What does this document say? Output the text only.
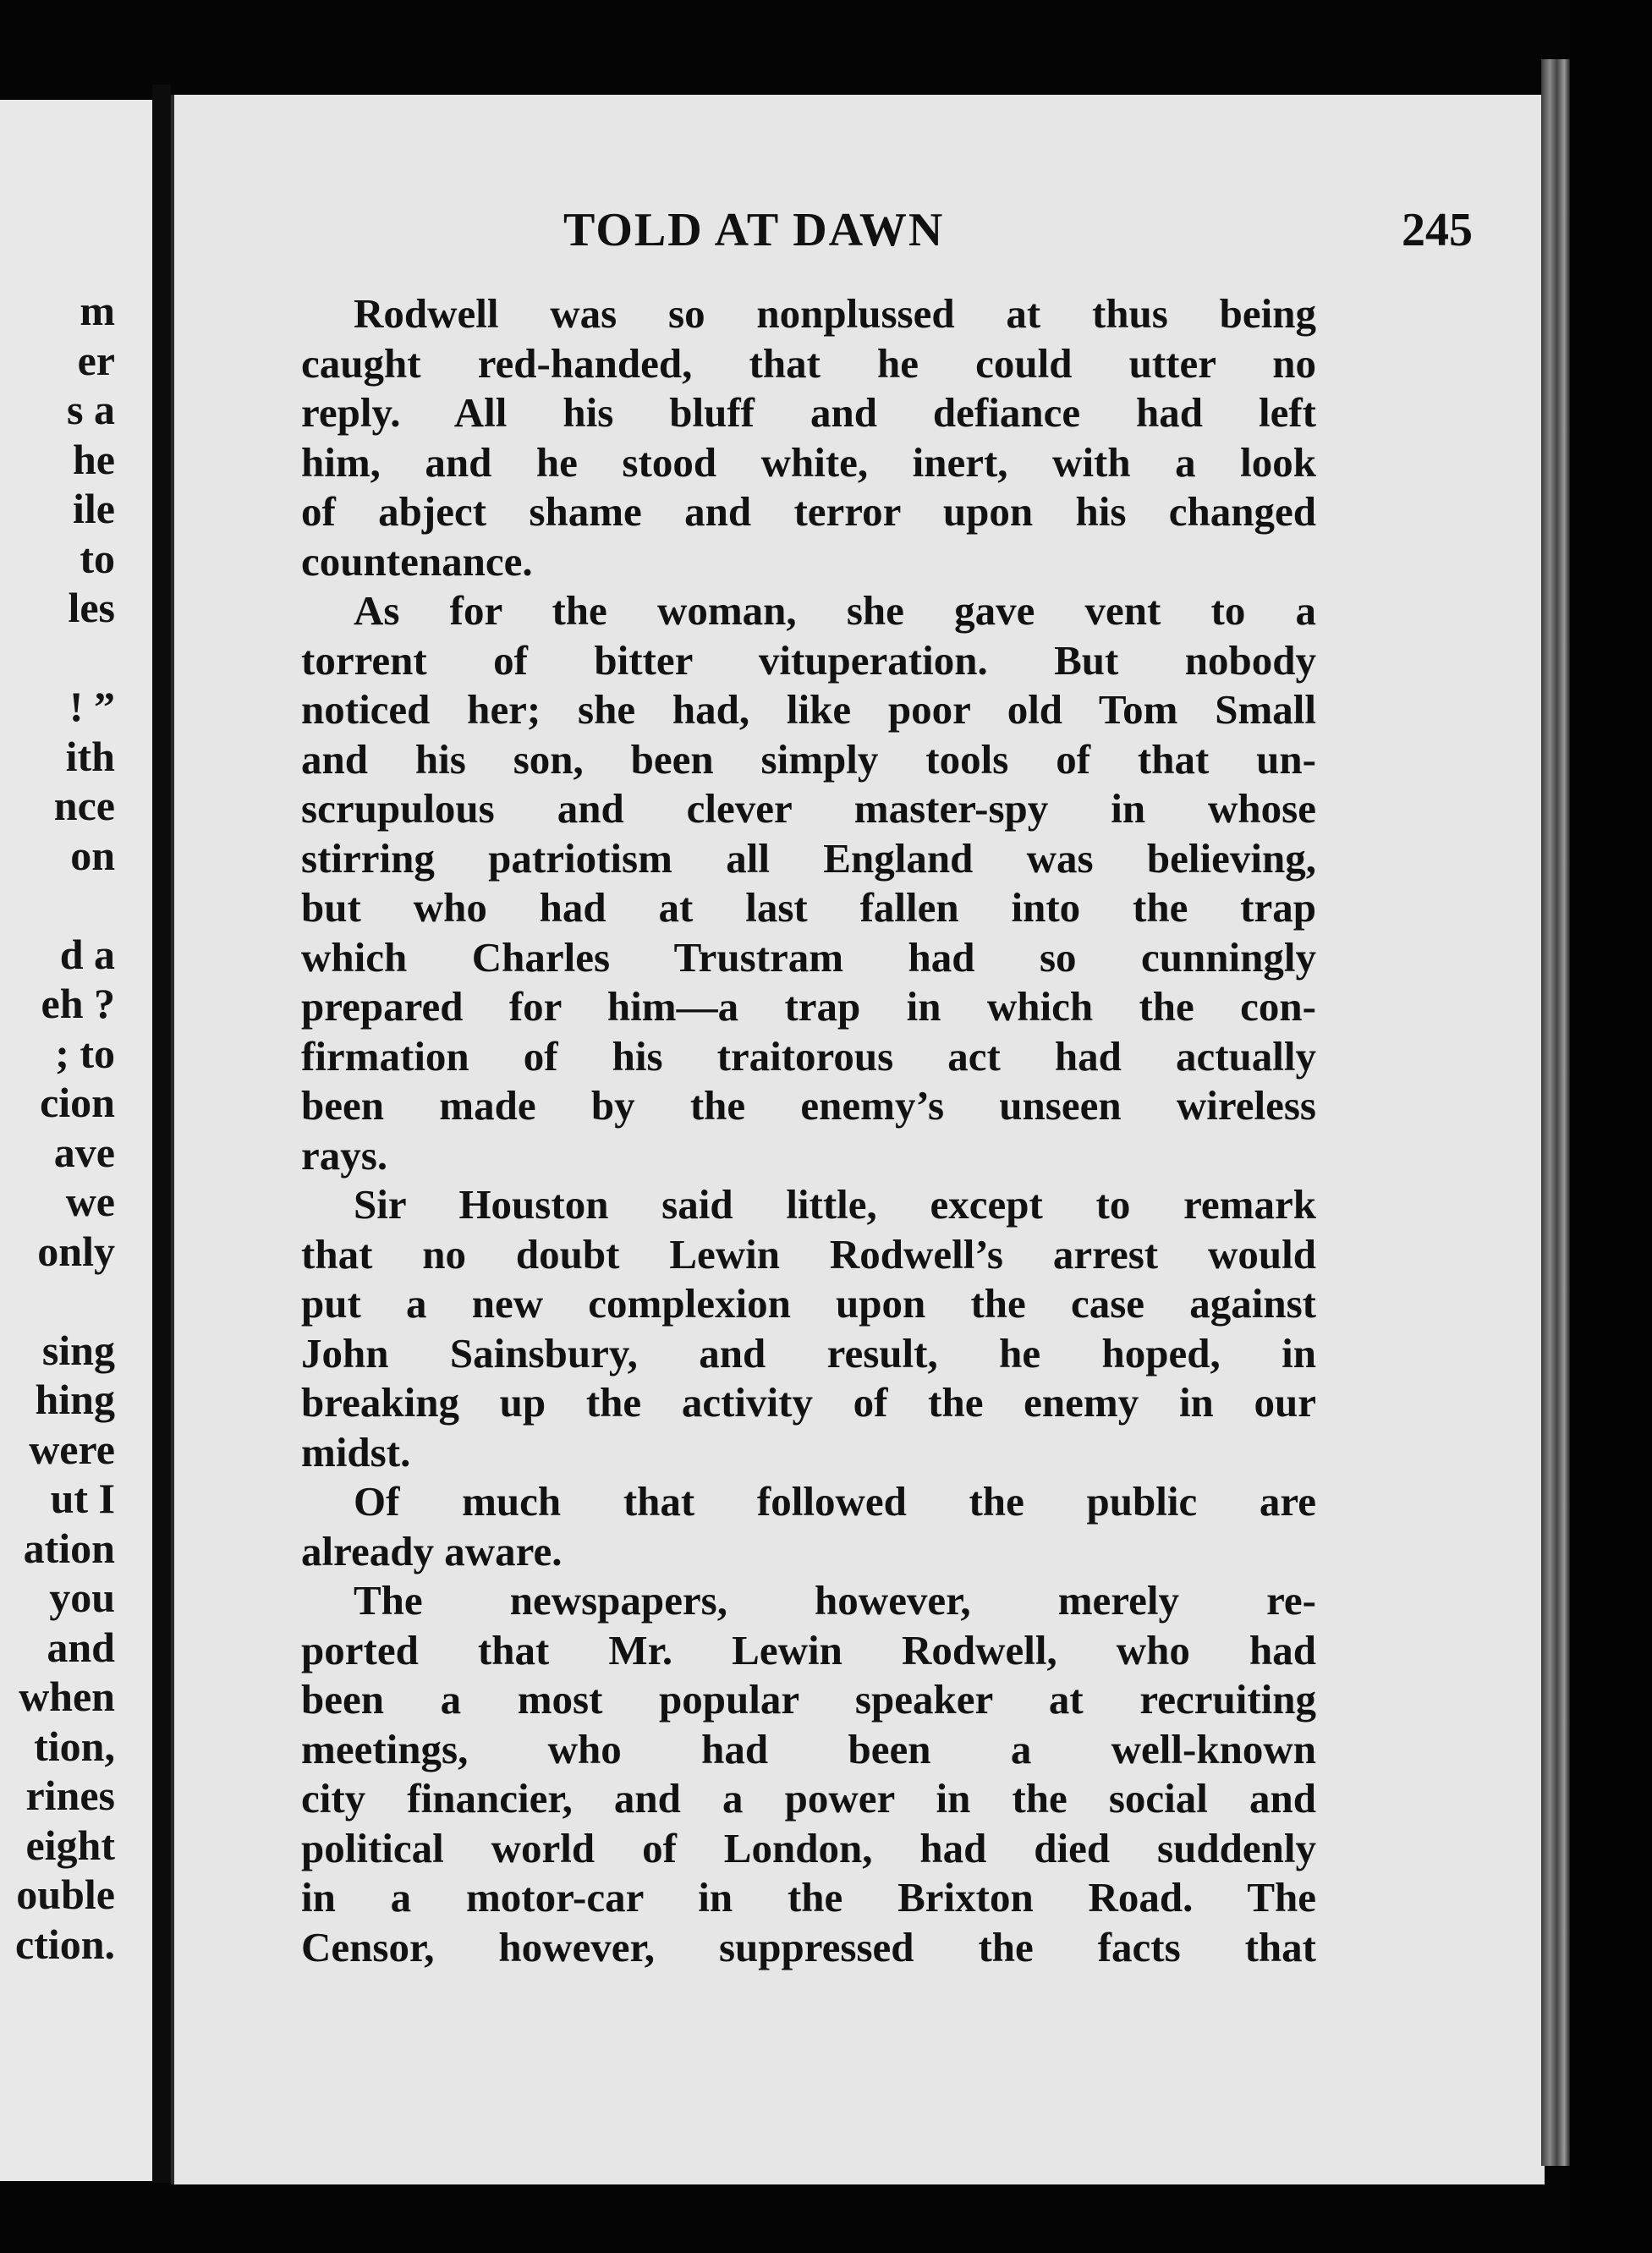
m
er
s a
he
ile
to
les
! ”
ith
nce
on
d a
eh ?
; to
cion
ave
we
only
sing
hing
were
ut I
ation
you
and
when
tion,
rines
eight
ouble
ction.
TOLD AT DAWN	245
Rodwell was so nonplussed at thus being
caught red-handed, that he could utter no
reply. All his bluff and defiance had left
him, and he stood white, inert, with a look
of abject shame and terror upon his changed
countenance.
As for the woman, she gave vent to a
torrent of bitter vituperation. But nobody
noticed her; she had, like poor old Tom Small
and his son, been simply tools of that un-
scrupulous and clever master-spy in whose
stirring patriotism all England was believing,
but who had at last fallen into the trap
which Charles Trustram had so cunningly
prepared for him—a trap in which the con-
firmation of his traitorous act had actually
been made by the enemy’s unseen wireless
rays.
Sir Houston said little, except to remark
that no doubt Lewin Rodwell’s arrest would
put a new complexion upon the case against
John Sainsbury, and result, he hoped, in
breaking up the activity of the enemy in our
midst.
Of much that followed the public are
already aware.
The newspapers, however, merely re-
ported that Mr. Lewin Rodwell, who had
been a most popular speaker at recruiting
meetings, who had been a well-known
city financier, and a power in the social and
political world of London, had died suddenly
in a motor-car in the Brixton Road. The
Censor, however, suppressed the facts that
